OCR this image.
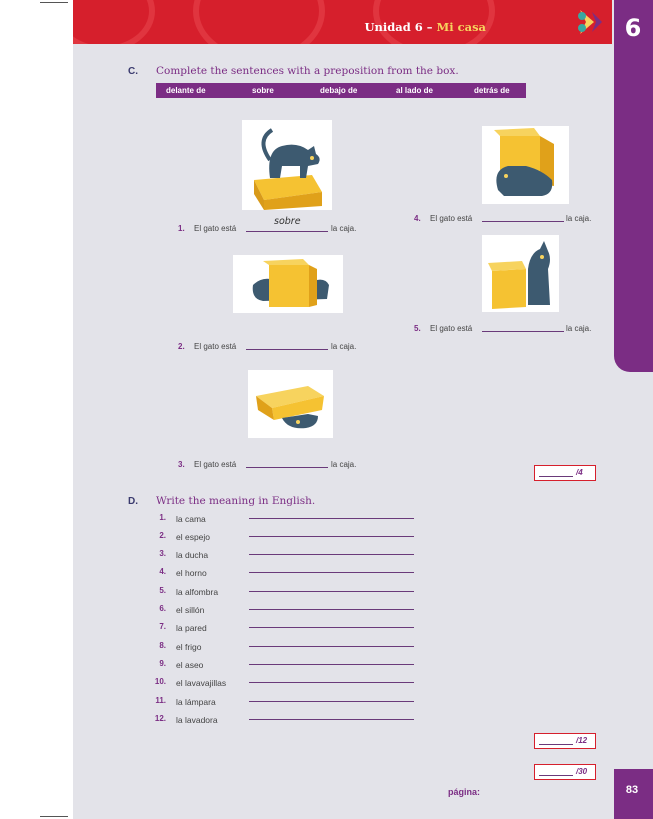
Unidad 6 – Mi casa	6
C. Complete the sentences with a preposition from the box.
delante de	sobre	debajo de	al lado de	detrás de
1. El gato está
sobre
la caja.
2. El gato está	la caja.
3. El gato está	la caja.
4. El gato está	la caja.
5. El gato está	la caja.
/4
D. Write the meaning in English.
1. la cama
2. el espejo
3. la ducha
4. el horno
5. la alfombra
6. el sillón
7. la pared
8. el frigo
9. el aseo
10. el lavavajillas
11. la lámpara
12. la lavadora
/12
/30
página:	83
